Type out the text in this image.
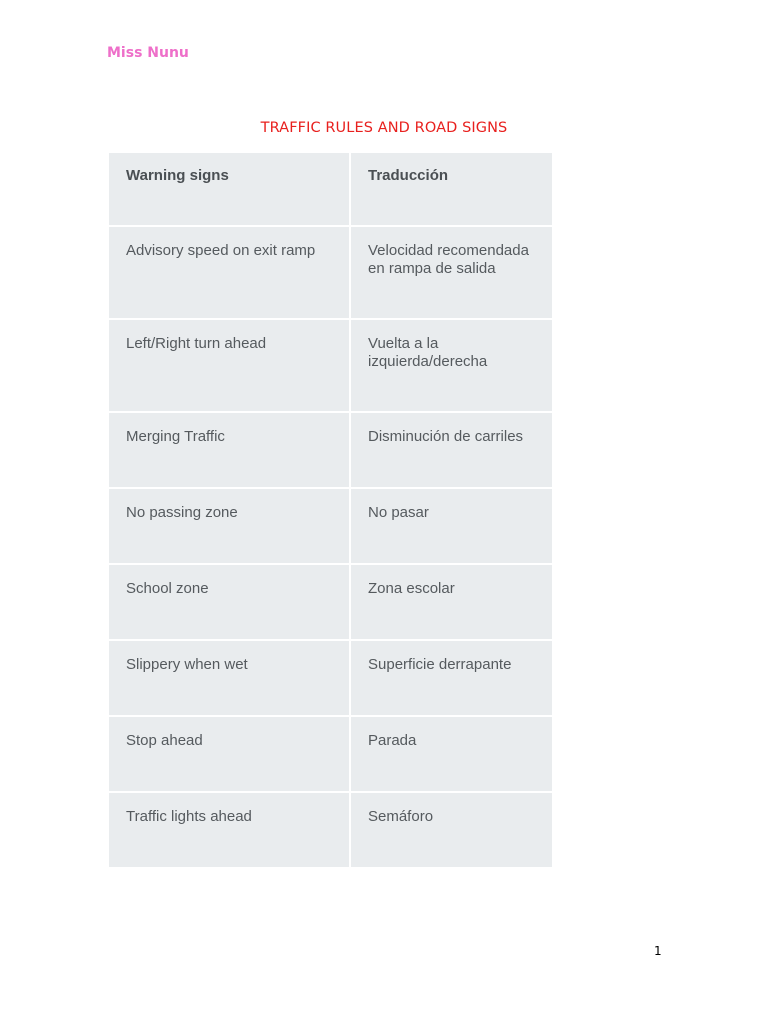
Miss Nunu
TRAFFIC RULES AND ROAD SIGNS
Warning signs	Traducción
Advisory speed on exit ramp	Velocidad recomendada en rampa de salida
Left/Right turn ahead	Vuelta a la izquierda/derecha
Merging Traffic	Disminución de carriles
No passing zone	No pasar
School zone	Zona escolar
Slippery when wet	Superficie derrapante
Stop ahead	Parada
Traffic lights ahead	Semáforo
1
